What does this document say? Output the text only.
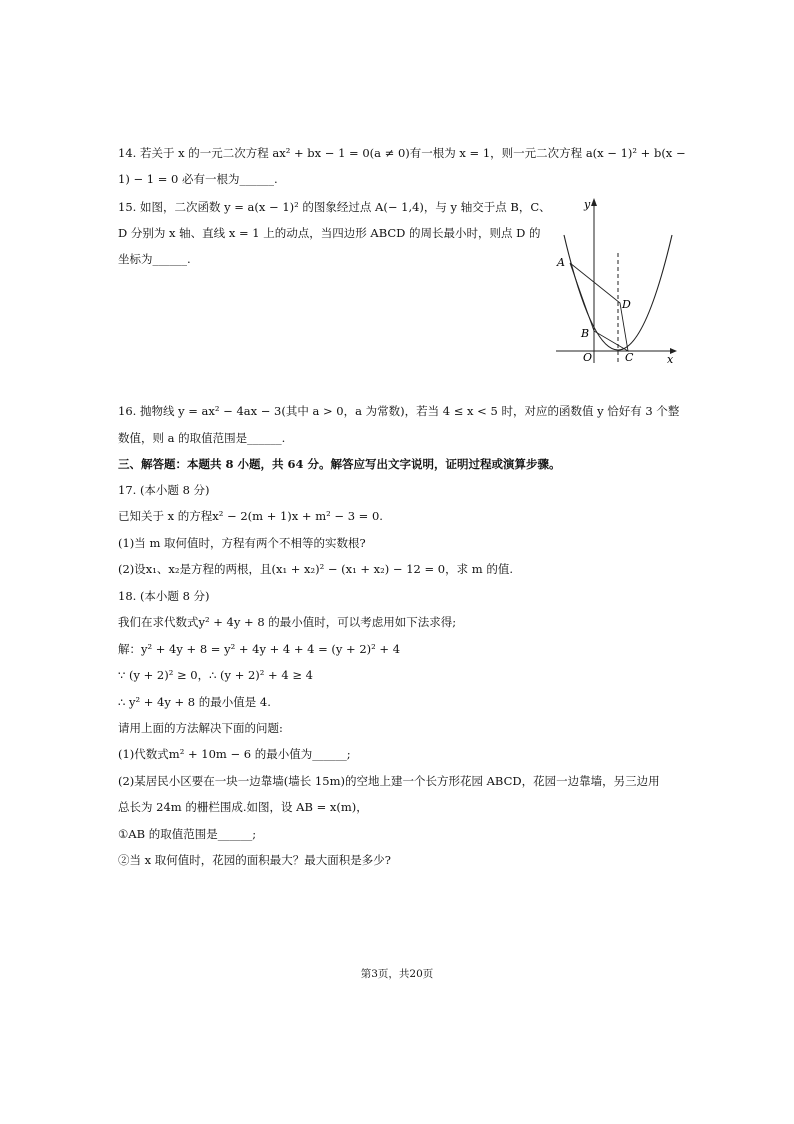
14. 若关于 x 的一元二次方程 ax² + bx − 1 = 0(a ≠ 0)有一根为 x = 1，则一元二次方程 a(x − 1)² + b(x −
1) − 1 = 0 必有一根为______.
15. 如图，二次函数 y = a(x − 1)² 的图象经过点 A(− 1,4)，与 y 轴交于点 B，C、
D 分别为 x 轴、直线 x = 1 上的动点，当四边形 ABCD 的周长最小时，则点 D 的
坐标为______.
y
x
O
A
B
C
D
16. 抛物线 y = ax² − 4ax − 3(其中 a > 0，a 为常数)，若当 4 ≤ x < 5 时，对应的函数值 y 恰好有 3 个整
数值，则 a 的取值范围是______.
三、解答题：本题共 8 小题，共 64 分。解答应写出文字说明，证明过程或演算步骤。
17. (本小题 8 分)
已知关于 x 的方程x² − 2(m + 1)x + m² − 3 = 0.
(1)当 m 取何值时，方程有两个不相等的实数根?
(2)设x₁、x₂是方程的两根，且(x₁ + x₂)² − (x₁ + x₂) − 12 = 0，求 m 的值.
18. (本小题 8 分)
我们在求代数式y² + 4y + 8 的最小值时，可以考虑用如下法求得;
解：y² + 4y + 8 = y² + 4y + 4 + 4 = (y + 2)² + 4
∵ (y + 2)² ≥ 0，∴ (y + 2)² + 4 ≥ 4
∴ y² + 4y + 8 的最小值是 4.
请用上面的方法解决下面的问题:
(1)代数式m² + 10m − 6 的最小值为______;
(2)某居民小区要在一块一边靠墙(墙长 15m)的空地上建一个长方形花园 ABCD，花园一边靠墙，另三边用
总长为 24m 的栅栏围成.如图，设 AB = x(m)，
①AB 的取值范围是______;
②当 x 取何值时，花园的面积最大？最大面积是多少?
第3页，共20页
